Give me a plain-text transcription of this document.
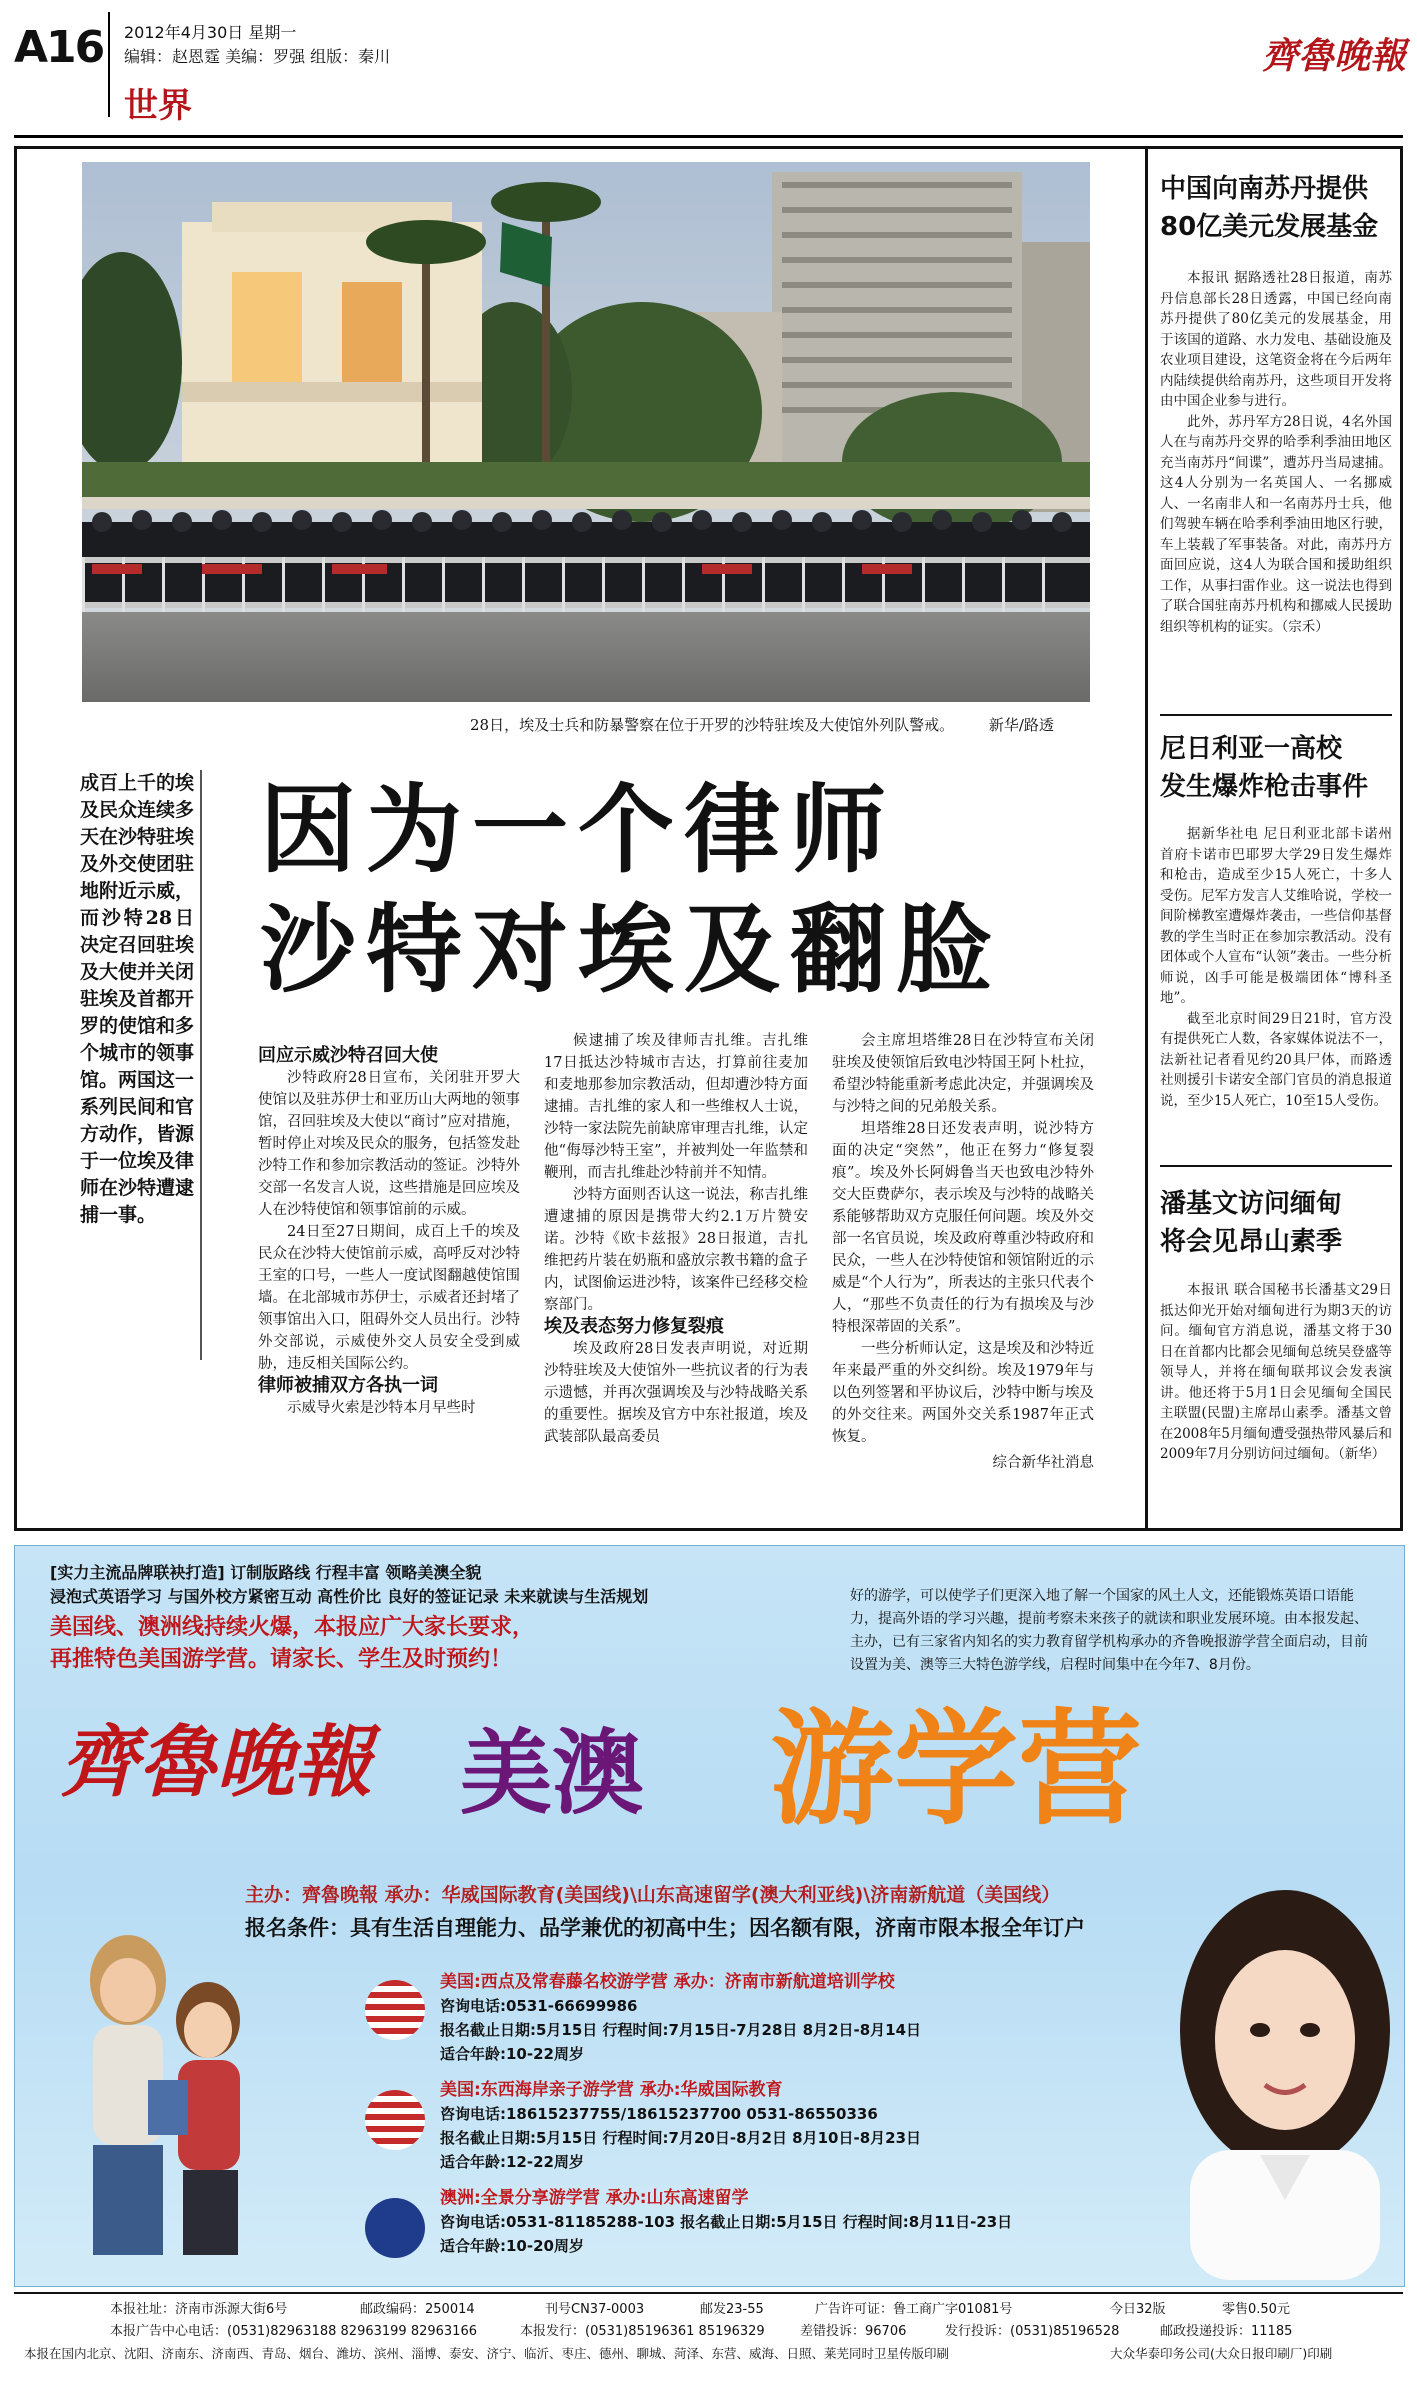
A16 2012年4月30日 星期一
编辑：赵恩霆 美编：罗强 组版：秦川
世界
齊魯晚報
28日，埃及士兵和防暴警察在位于开罗的沙特驻埃及大使馆外列队警戒。 新华/路透
成百上千的埃及民众连续多天在沙特驻埃及外交使团驻地附近示威，而沙特28日决定召回驻埃及大使并关闭驻埃及首都开罗的使馆和多个城市的领事馆。两国这一系列民间和官方动作，皆源于一位埃及律师在沙特遭逮捕一事。
因为一个律师
沙特对埃及翻脸

回应示威沙特召回大使

沙特政府28日宣布，关闭驻开罗大使馆以及驻苏伊士和亚历山大两地的领事馆，召回驻埃及大使以“商讨”应对措施，暂时停止对埃及民众的服务，包括签发赴沙特工作和参加宗教活动的签证。沙特外交部一名发言人说，这些措施是回应埃及人在沙特使馆和领事馆前的示威。

24日至27日期间，成百上千的埃及民众在沙特大使馆前示威，高呼反对沙特王室的口号，一些人一度试图翻越使馆围墙。在北部城市苏伊士，示威者还封堵了领事馆出入口，阻碍外交人员出行。沙特外交部说，示威使外交人员安全受到威胁，违反相关国际公约。

律师被捕双方各执一词

示威导火索是沙特本月早些时

候逮捕了埃及律师吉扎维。吉扎维17日抵达沙特城市吉达，打算前往麦加和麦地那参加宗教活动，但却遭沙特方面逮捕。吉扎维的家人和一些维权人士说，沙特一家法院先前缺席审理吉扎维，认定他“侮辱沙特王室”，并被判处一年监禁和鞭刑，而吉扎维赴沙特前并不知情。

沙特方面则否认这一说法，称吉扎维遭逮捕的原因是携带大约2.1万片赞安诺。沙特《欧卡兹报》28日报道，吉扎维把药片装在奶瓶和盛放宗教书籍的盒子内，试图偷运进沙特，该案件已经移交检察部门。

埃及表态努力修复裂痕

埃及政府28日发表声明说，对近期沙特驻埃及大使馆外一些抗议者的行为表示遗憾，并再次强调埃及与沙特战略关系的重要性。据埃及官方中东社报道，埃及武装部队最高委员

会主席坦塔维28日在沙特宣布关闭驻埃及使领馆后致电沙特国王阿卜杜拉，希望沙特能重新考虑此决定，并强调埃及与沙特之间的兄弟般关系。

坦塔维28日还发表声明，说沙特方面的决定“突然”，他正在努力“修复裂痕”。埃及外长阿姆鲁当天也致电沙特外交大臣费萨尔，表示埃及与沙特的战略关系能够帮助双方克服任何问题。埃及外交部一名官员说，埃及政府尊重沙特政府和民众，一些人在沙特使馆和领馆附近的示威是“个人行为”，所表达的主张只代表个人，“那些不负责任的行为有损埃及与沙特根深蒂固的关系”。

一些分析师认定，这是埃及和沙特近年来最严重的外交纠纷。埃及1979年与以色列签署和平协议后，沙特中断与埃及的外交往来。两国外交关系1987年正式恢复。

综合新华社消息

中国向南苏丹提供
80亿美元发展基金

本报讯 据路透社28日报道，南苏丹信息部长28日透露，中国已经向南苏丹提供了80亿美元的发展基金，用于该国的道路、水力发电、基础设施及农业项目建设，这笔资金将在今后两年内陆续提供给南苏丹，这些项目开发将由中国企业参与进行。

此外，苏丹军方28日说，4名外国人在与南苏丹交界的哈季利季油田地区充当南苏丹“间谍”，遭苏丹当局逮捕。这4人分别为一名英国人、一名挪威人、一名南非人和一名南苏丹士兵，他们驾驶车辆在哈季利季油田地区行驶，车上装载了军事装备。对此，南苏丹方面回应说，这4人为联合国和援助组织工作，从事扫雷作业。这一说法也得到了联合国驻南苏丹机构和挪威人民援助组织等机构的证实。（宗禾）

尼日利亚一高校
发生爆炸枪击事件

据新华社电 尼日利亚北部卡诺州首府卡诺市巴耶罗大学29日发生爆炸和枪击，造成至少15人死亡，十多人受伤。尼军方发言人艾维哈说，学校一间阶梯教室遭爆炸袭击，一些信仰基督教的学生当时正在参加宗教活动。没有团体或个人宣布“认领”袭击。一些分析师说，凶手可能是极端团体“博科圣地”。

截至北京时间29日21时，官方没有提供死亡人数，各家媒体说法不一，法新社记者看见约20具尸体，而路透社则援引卡诺安全部门官员的消息报道说，至少15人死亡，10至15人受伤。

潘基文访问缅甸
将会见昂山素季

本报讯 联合国秘书长潘基文29日抵达仰光开始对缅甸进行为期3天的访问。缅甸官方消息说，潘基文将于30日在首都内比都会见缅甸总统吴登盛等领导人，并将在缅甸联邦议会发表演讲。他还将于5月1日会见缅甸全国民主联盟(民盟)主席昂山素季。潘基文曾在2008年5月缅甸遭受强热带风暴后和2009年7月分别访问过缅甸。（新华）

[实力主流品牌联袂打造] 订制版路线 行程丰富 领略美澳全貌
浸泡式英语学习 与国外校方紧密互动 高性价比 良好的签证记录 未来就读与生活规划
美国线、澳洲线持续火爆，本报应广大家长要求，
再推特色美国游学营。请家长、学生及时预约！
好的游学，可以使学子们更深入地了解一个国家的风土人文，还能锻炼英语口语能力，提高外语的学习兴趣，提前考察未来孩子的就读和职业发展环境。由本报发起、主办，已有三家省内知名的实力教育留学机构承办的齐鲁晚报游学营全面启动，目前设置为美、澳等三大特色游学线，启程时间集中在今年7、8月份。
齊魯晚報 美澳 游学营
主办：齊魯晚報 承办：华威国际教育(美国线)\山东高速留学(澳大利亚线)\济南新航道（美国线）
报名条件：具有生活自理能力、品学兼优的初高中生；因名额有限，济南市限本报全年订户
美国:西点及常春藤名校游学营 承办：济南市新航道培训学校
咨询电话:0531-66699986
报名截止日期:5月15日 行程时间:7月15日-7月28日 8月2日-8月14日
适合年龄:10-22周岁
美国:东西海岸亲子游学营 承办:华威国际教育
咨询电话:18615237755/18615237700 0531-86550336
报名截止日期:5月15日 行程时间:7月20日-8月2日 8月10日-8月23日
适合年龄:12-22周岁
澳洲:全景分享游学营 承办:山东高速留学
咨询电话:0531-81185288-103 报名截止日期:5月15日 行程时间:8月11日-23日
适合年龄:10-20周岁
本报社址：济南市泺源大街6号	邮政编码：250014	刊号CN37-0003	邮发23-55	广告许可证：鲁工商广字01081号	今日32版	零售0.50元
本报广告中心电话：(0531)82963188 82963199 82963166	本报发行：(0531)85196361 85196329	差错投诉：96706	发行投诉：(0531)85196528	邮政投递投诉：11185
本报在国内北京、沈阳、济南东、济南西、青岛、烟台、潍坊、滨州、淄博、泰安、济宁、临沂、枣庄、德州、聊城、菏泽、东营、威海、日照、莱芜同时卫星传版印刷	大众华泰印务公司(大众日报印刷厂)印刷
